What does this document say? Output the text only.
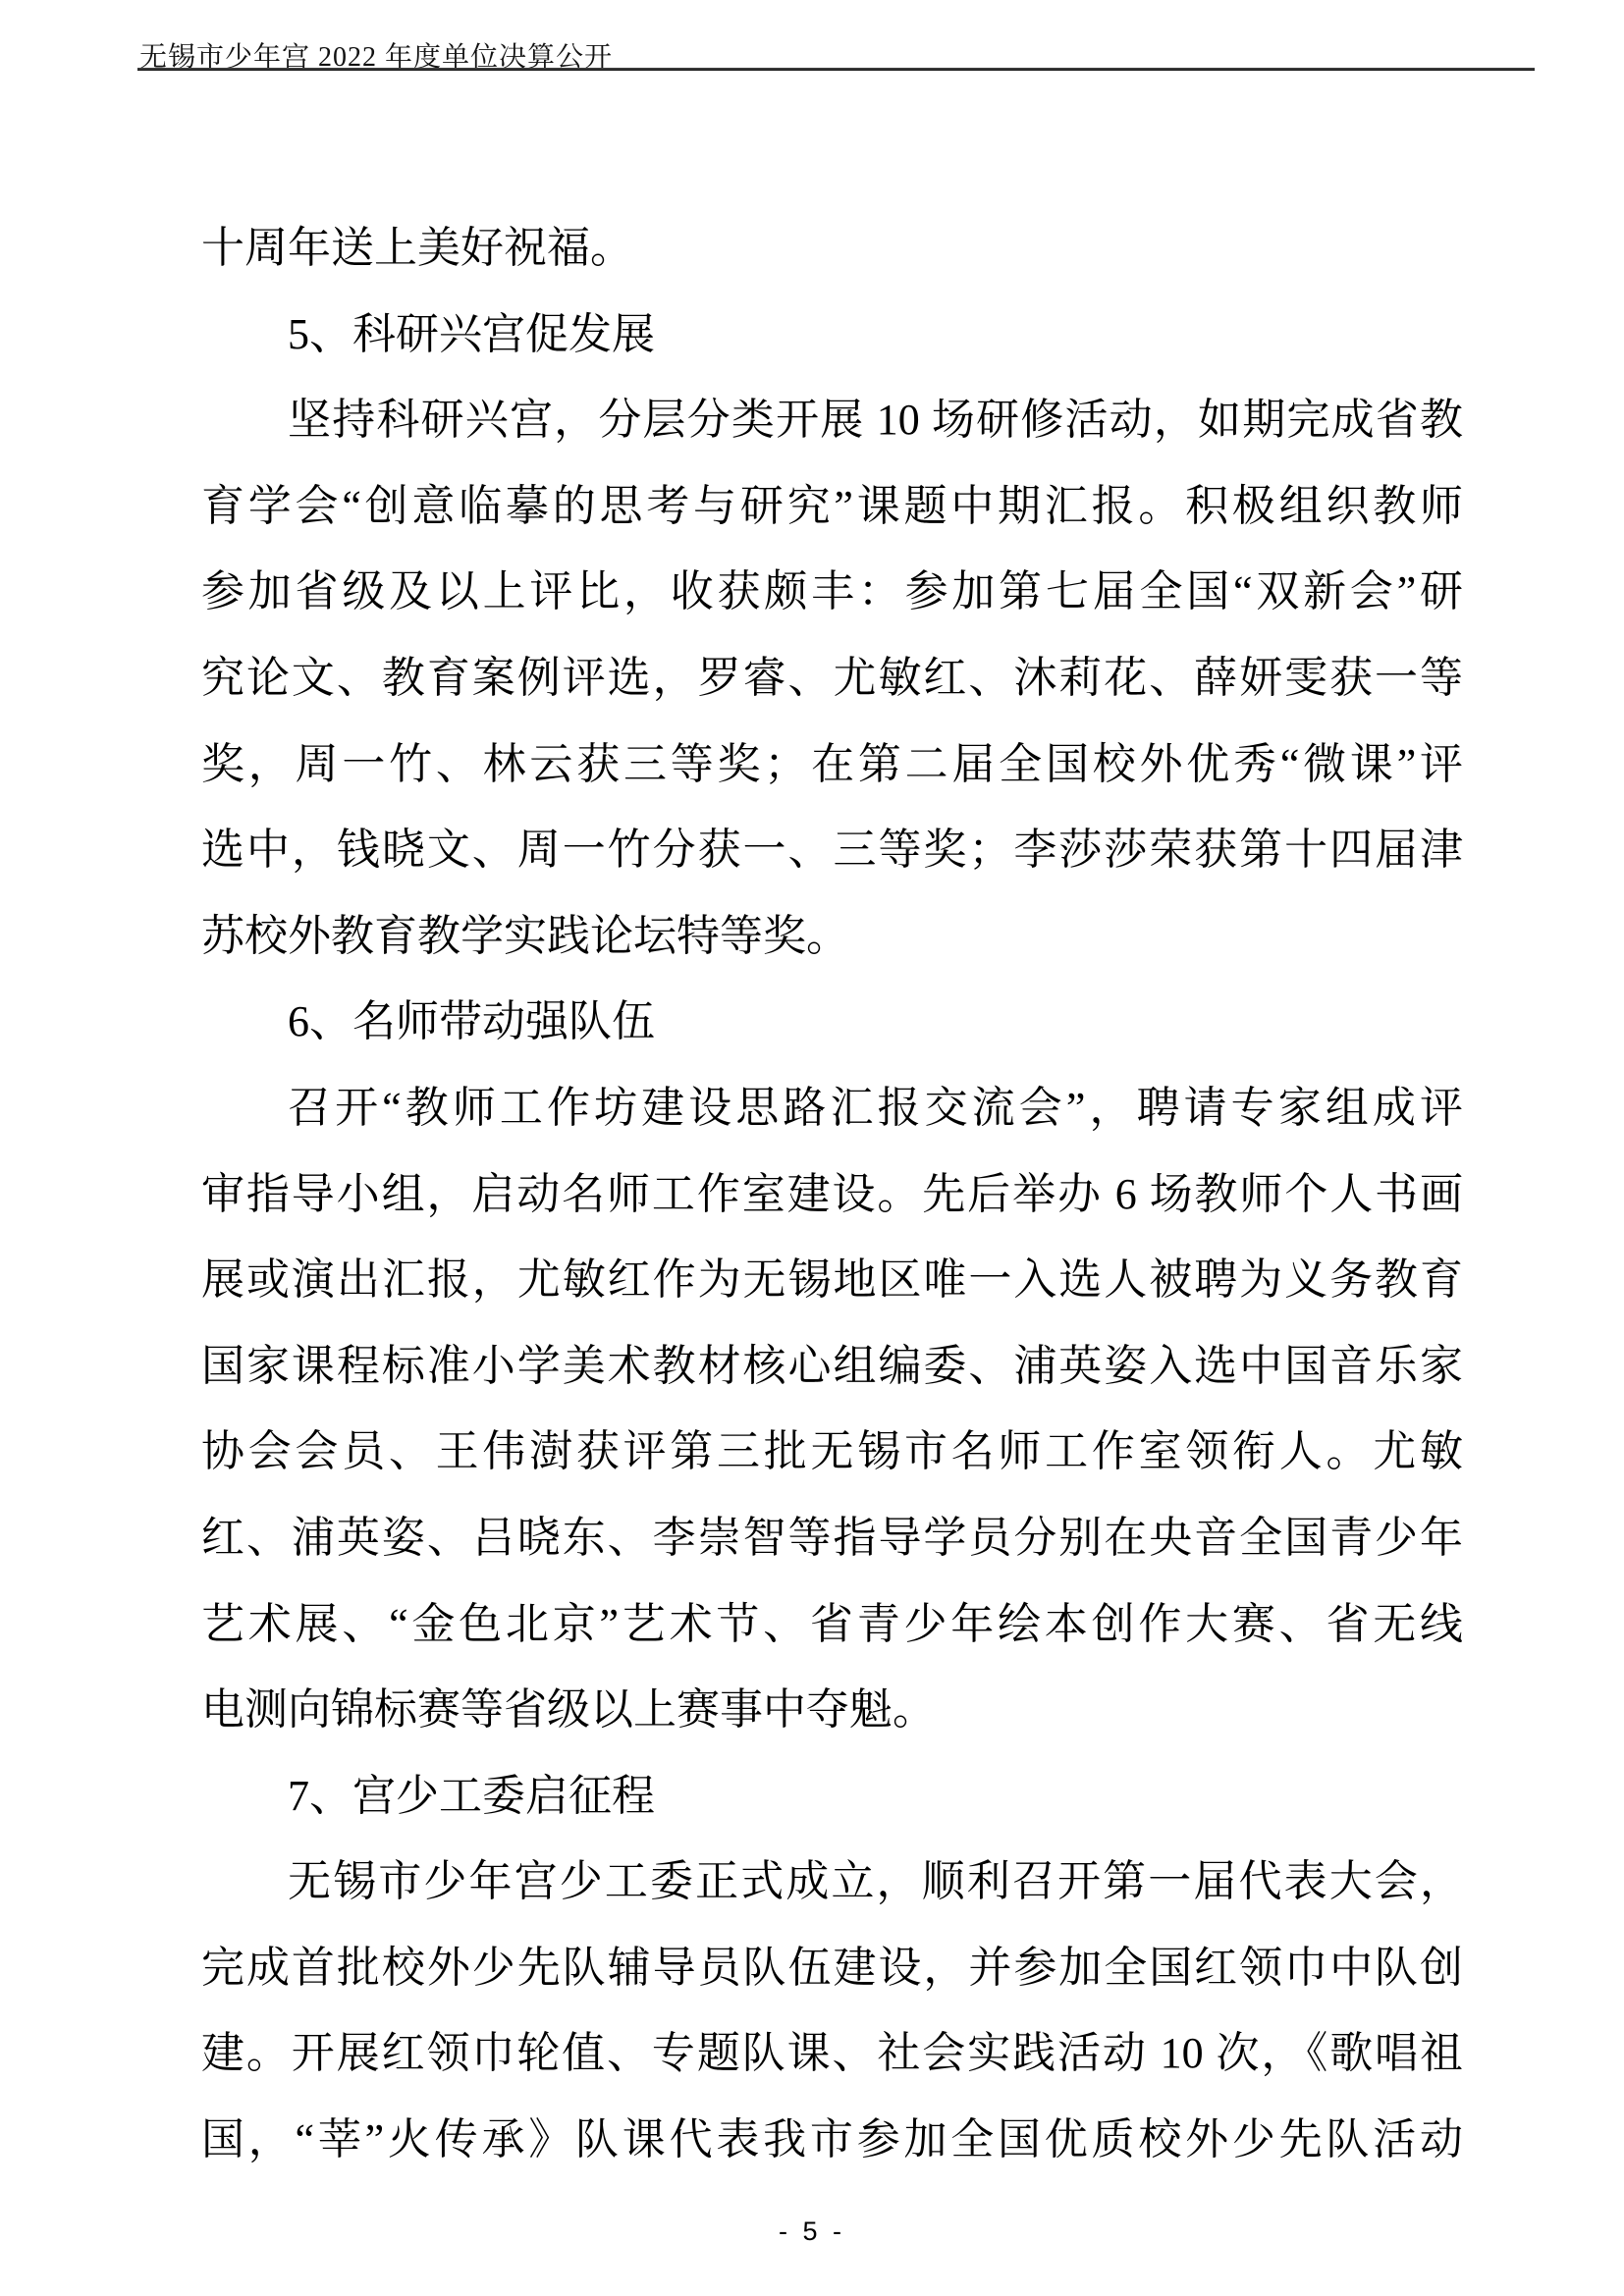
无锡市少年宫 2022 年度单位决算公开
十周年送上美好祝福。
5、科研兴宫促发展
坚持科研兴宫，分层分类开展 10 场研修活动，如期完成省教
育学会“创意临摹的思考与研究”课题中期汇报。积极组织教师
参加省级及以上评比，收获颇丰：参加第七届全国“双新会”研
究论文、教育案例评选，罗睿、尤敏红、沐莉花、薛妍雯获一等
奖，周一竹、林云获三等奖；在第二届全国校外优秀“微课”评
选中，钱晓文、周一竹分获一、三等奖；李莎莎荣获第十四届津
苏校外教育教学实践论坛特等奖。
6、名师带动强队伍
召开“教师工作坊建设思路汇报交流会”，聘请专家组成评
审指导小组，启动名师工作室建设。先后举办 6 场教师个人书画
展或演出汇报，尤敏红作为无锡地区唯一入选人被聘为义务教育
国家课程标准小学美术教材核心组编委、浦英姿入选中国音乐家
协会会员、王伟澍获评第三批无锡市名师工作室领衔人。尤敏
红、浦英姿、吕晓东、李崇智等指导学员分别在央音全国青少年
艺术展、“金色北京”艺术节、省青少年绘本创作大赛、省无线
电测向锦标赛等省级以上赛事中夺魁。
7、宫少工委启征程
无锡市少年宫少工委正式成立，顺利召开第一届代表大会，
完成首批校外少先队辅导员队伍建设，并参加全国红领巾中队创
建。开展红领巾轮值、专题队课、社会实践活动 10 次，《歌唱祖
国，“莘”火传承》队课代表我市参加全国优质校外少先队活动
- 5 -
